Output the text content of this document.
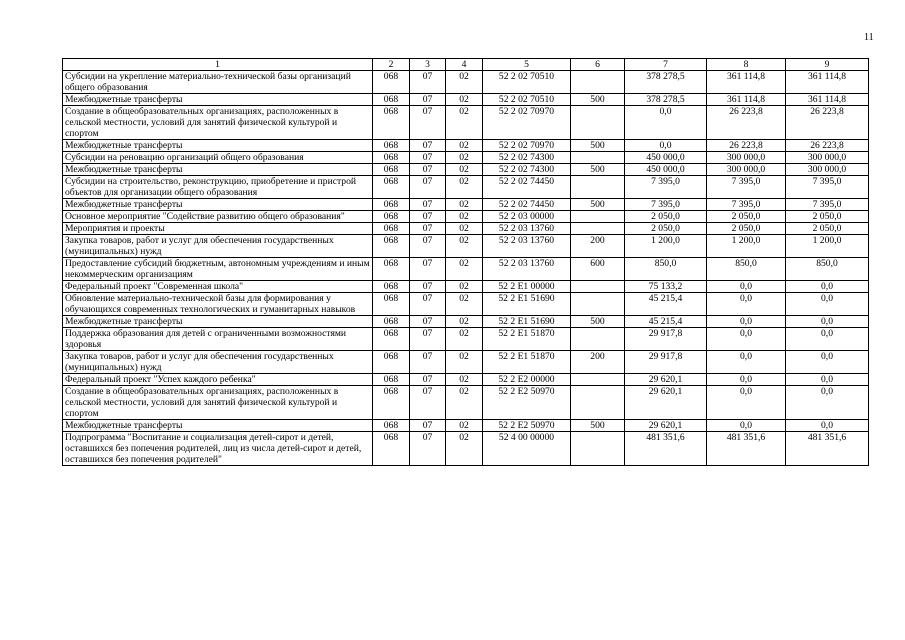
11
1	2	3	4	5	6	7	8	9
Субсидии на укрепление материально-технической базы организаций общего образования	068	07	02	52 2 02 70510		378 278,5	361 114,8	361 114,8
Межбюджетные трансферты	068	07	02	52 2 02 70510	500	378 278,5	361 114,8	361 114,8
Создание в общеобразовательных организациях, расположенных в сельской местности, условий для занятий физической культурой и спортом	068	07	02	52 2 02 70970		0,0	26 223,8	26 223,8
Межбюджетные трансферты	068	07	02	52 2 02 70970	500	0,0	26 223,8	26 223,8
Субсидии на реновацию организаций общего образования	068	07	02	52 2 02 74300		450 000,0	300 000,0	300 000,0
Межбюджетные трансферты	068	07	02	52 2 02 74300	500	450 000,0	300 000,0	300 000,0
Субсидии на строительство, реконструкцию, приобретение и пристрой объектов для организации общего образования	068	07	02	52 2 02 74450		7 395,0	7 395,0	7 395,0
Межбюджетные трансферты	068	07	02	52 2 02 74450	500	7 395,0	7 395,0	7 395,0
Основное мероприятие "Содействие развитию общего образования"	068	07	02	52 2 03 00000		2 050,0	2 050,0	2 050,0
Мероприятия и проекты	068	07	02	52 2 03 13760		2 050,0	2 050,0	2 050,0
Закупка товаров, работ и услуг для обеспечения государственных (муниципальных) нужд	068	07	02	52 2 03 13760	200	1 200,0	1 200,0	1 200,0
Предоставление субсидий бюджетным, автономным учреждениям и иным некоммерческим организациям	068	07	02	52 2 03 13760	600	850,0	850,0	850,0
Федеральный проект "Современная школа"	068	07	02	52 2 E1 00000		75 133,2	0,0	0,0
Обновление материально-технической базы для формирования у обучающихся современных технологических и гуманитарных навыков	068	07	02	52 2 E1 51690		45 215,4	0,0	0,0
Межбюджетные трансферты	068	07	02	52 2 E1 51690	500	45 215,4	0,0	0,0
Поддержка образования для детей с ограниченными возможностями здоровья	068	07	02	52 2 E1 51870		29 917,8	0,0	0,0
Закупка товаров, работ и услуг для обеспечения государственных (муниципальных) нужд	068	07	02	52 2 E1 51870	200	29 917,8	0,0	0,0
Федеральный проект "Успех каждого ребенка"	068	07	02	52 2 E2 00000		29 620,1	0,0	0,0
Создание в общеобразовательных организациях, расположенных в сельской местности, условий для занятий физической культурой и спортом	068	07	02	52 2 E2 50970		29 620,1	0,0	0,0
Межбюджетные трансферты	068	07	02	52 2 E2 50970	500	29 620,1	0,0	0,0
Подпрограмма "Воспитание и социализация детей-сирот и детей, оставшихся без попечения родителей, лиц из числа детей-сирот и детей, оставшихся без попечения родителей"	068	07	02	52 4 00 00000		481 351,6	481 351,6	481 351,6
